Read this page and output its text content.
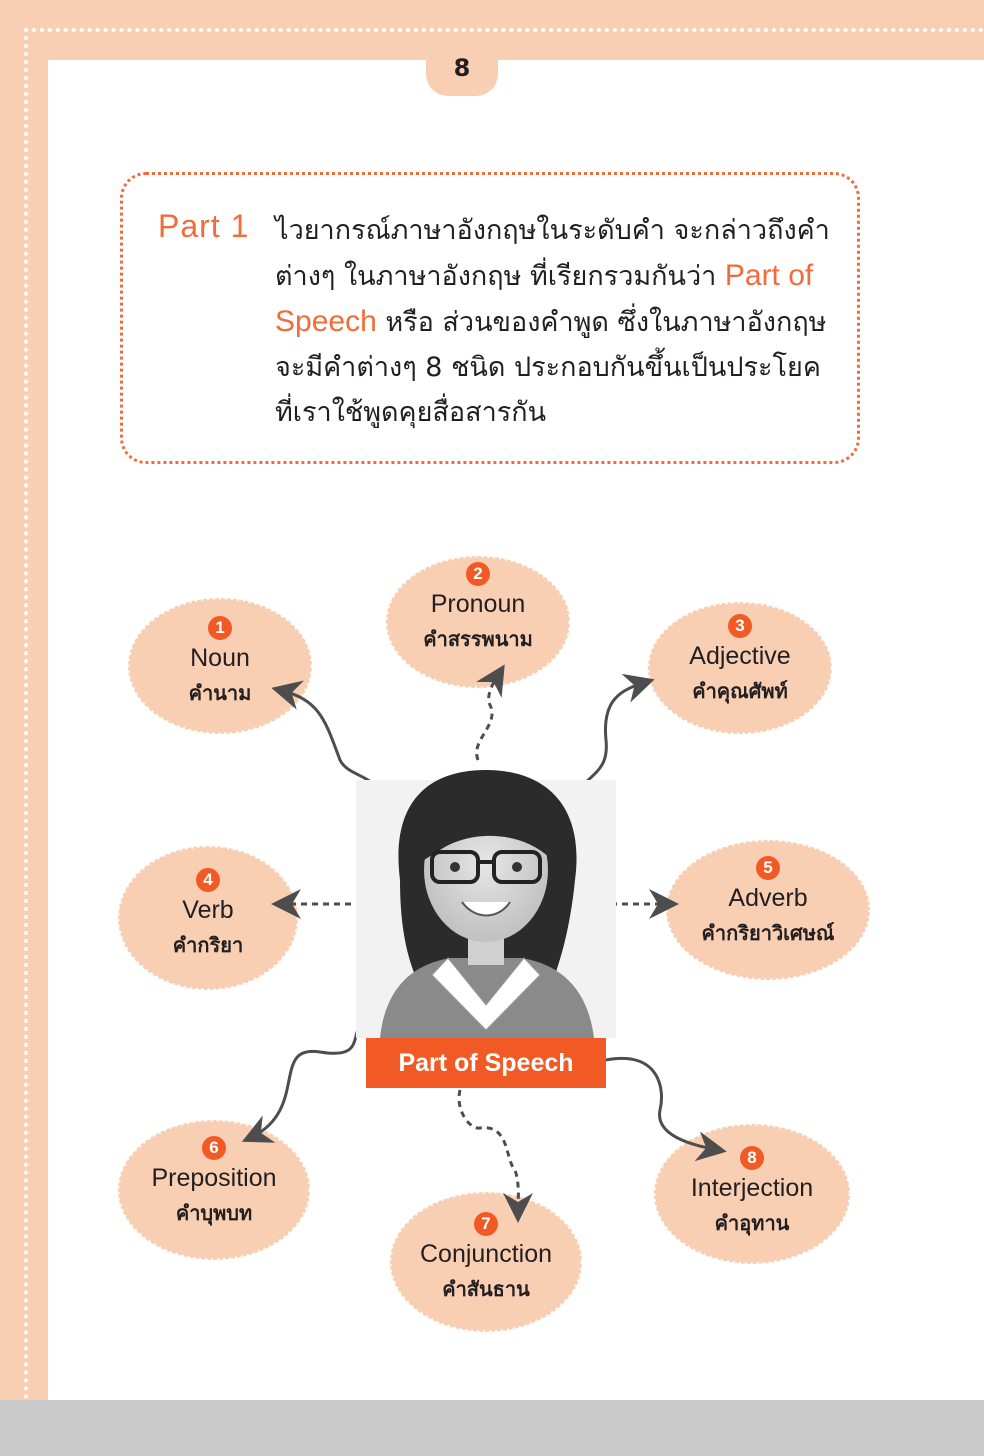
8
Part 1 ไวยากรณ์ภาษาอังกฤษในระดับคำ จะกล่าวถึงคำต่างๆ ในภาษาอังกฤษ ที่เรียกรวมกันว่า Part of Speech หรือ ส่วนของคำพูด ซึ่งในภาษาอังกฤษจะมีคำต่างๆ 8 ชนิด ประกอบกันขึ้นเป็นประโยคที่เราใช้พูดคุยสื่อสารกัน
1
Noun
คำนาม
2
Pronoun
คำสรรพนาม
3
Adjective
คำคุณศัพท์
4
Verb
คำกริยา
5
Adverb
คำกริยาวิเศษณ์
6
Preposition
คำบุพบท	7
Conjunction
คำสันธาน
8
Interjection
คำอุทาน
Part of Speech
